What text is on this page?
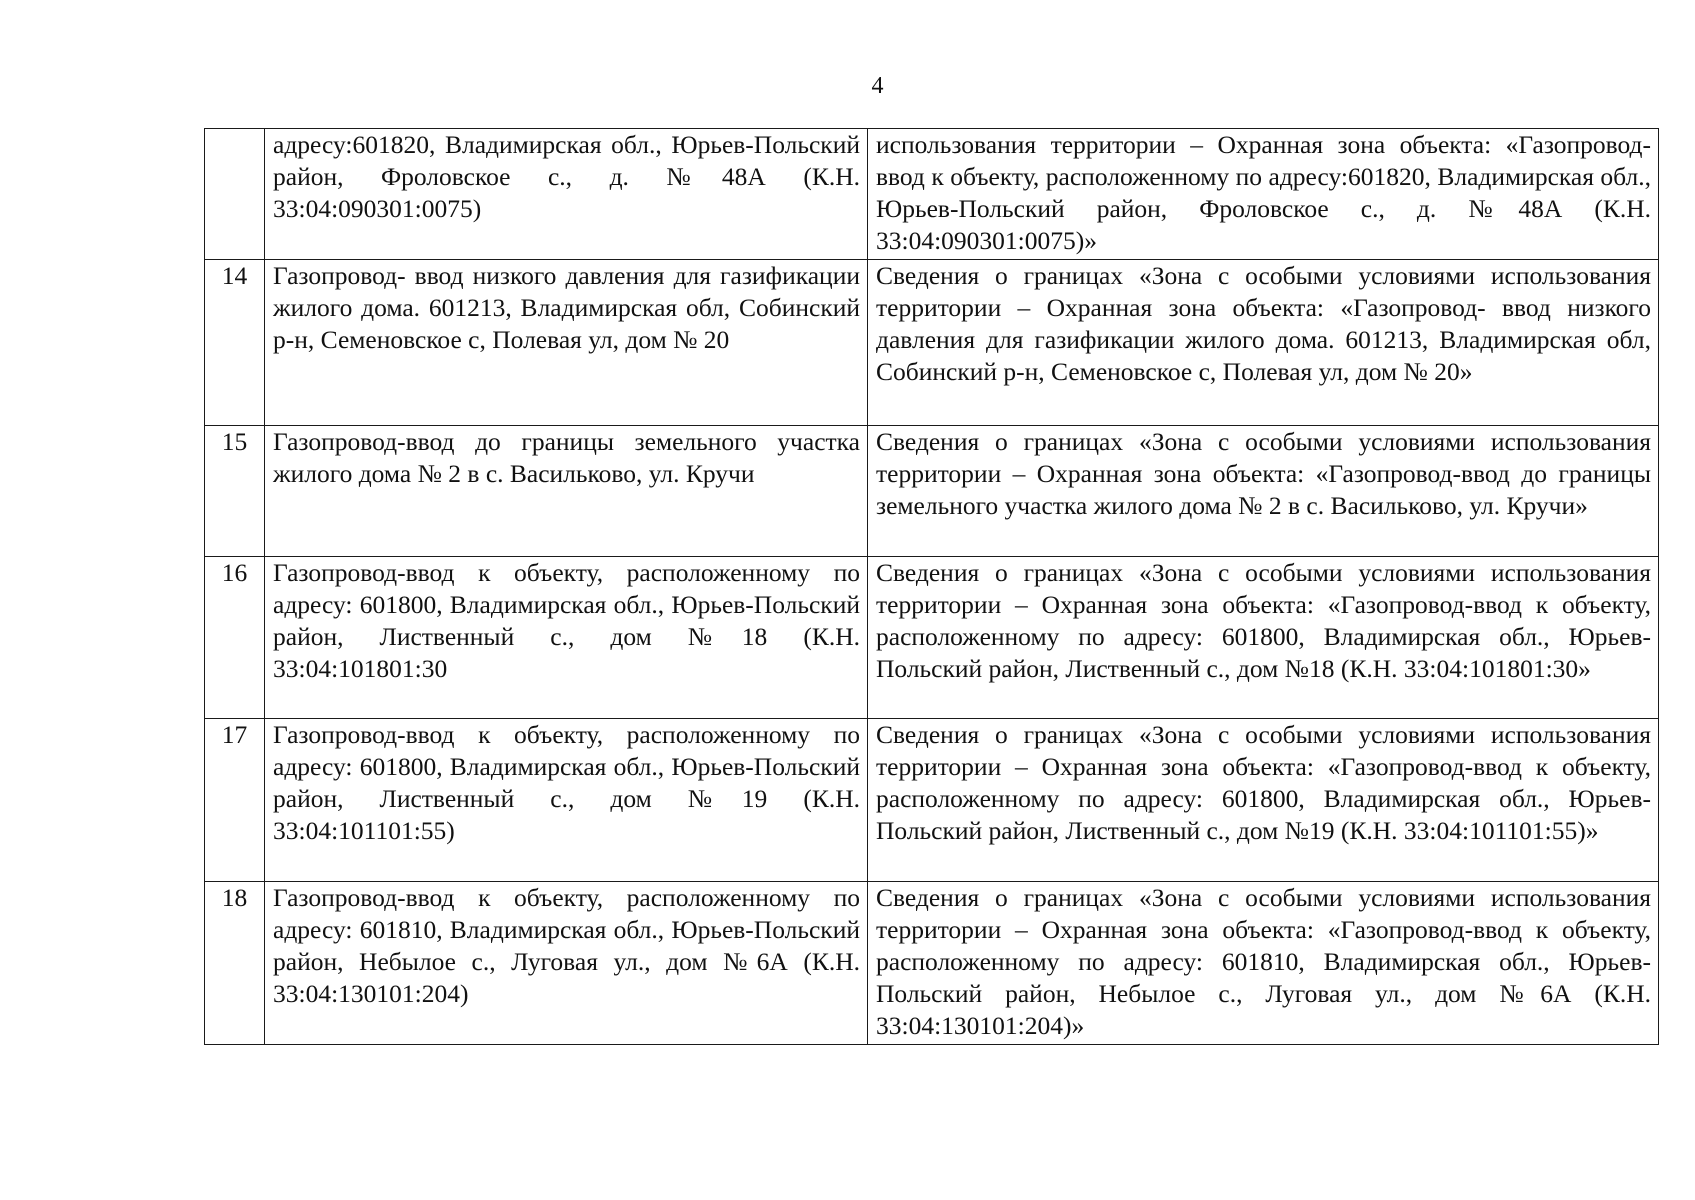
4
	адресу:601820, Владимирская обл., Юрьев-Польский район, Фроловское с., д. №48А (К.Н. 33:04:090301:0075)	использования территории – Охранная зона объекта: «Газопровод-ввод к объекту, расположенному по адресу:601820, Владимирская обл., Юрьев-Польский район, Фроловское с., д. №48А (К.Н. 33:04:090301:0075)»
14	Газопровод- ввод низкого давления для газификации жилого дома. 601213, Владимирская обл, Собинский р-н, Семеновское с, Полевая ул, дом № 20	Сведения о границах «Зона с особыми условиями использования территории – Охранная зона объекта: «Газопровод- ввод низкого давления для газификации жилого дома. 601213, Владимирская обл, Собинский р-н, Семеновское с, Полевая ул, дом № 20»
15	Газопровод-ввод до границы земельного участка жилого дома № 2 в с. Васильково, ул. Кручи	Сведения о границах «Зона с особыми условиями использования территории – Охранная зона объекта: «Газопровод-ввод до границы земельного участка жилого дома № 2 в с. Васильково, ул. Кручи»
16	Газопровод-ввод к объекту, расположенному по адресу: 601800, Владимирская обл., Юрьев-Польский район, Лиственный с., дом №18 (К.Н. 33:04:101801:30	Сведения о границах «Зона с особыми условиями использования территории – Охранная зона объекта: «Газопровод-ввод к объекту, расположенному по адресу: 601800, Владимирская обл., Юрьев-Польский район, Лиственный с., дом №18 (К.Н. 33:04:101801:30»
17	Газопровод-ввод к объекту, расположенному по адресу: 601800, Владимирская обл., Юрьев-Польский район, Лиственный с., дом №19 (К.Н. 33:04:101101:55)	Сведения о границах «Зона с особыми условиями использования территории – Охранная зона объекта: «Газопровод-ввод к объекту, расположенному по адресу: 601800, Владимирская обл., Юрьев-Польский район, Лиственный с., дом №19 (К.Н. 33:04:101101:55)»
18	Газопровод-ввод к объекту, расположенному по адресу: 601810, Владимирская обл., Юрьев-Польский район, Небылое с., Луговая ул., дом №6А (К.Н. 33:04:130101:204)	Сведения о границах «Зона с особыми условиями использования территории – Охранная зона объекта: «Газопровод-ввод к объекту, расположенному по адресу: 601810, Владимирская обл., Юрьев-Польский район, Небылое с., Луговая ул., дом №6А (К.Н. 33:04:130101:204)»
